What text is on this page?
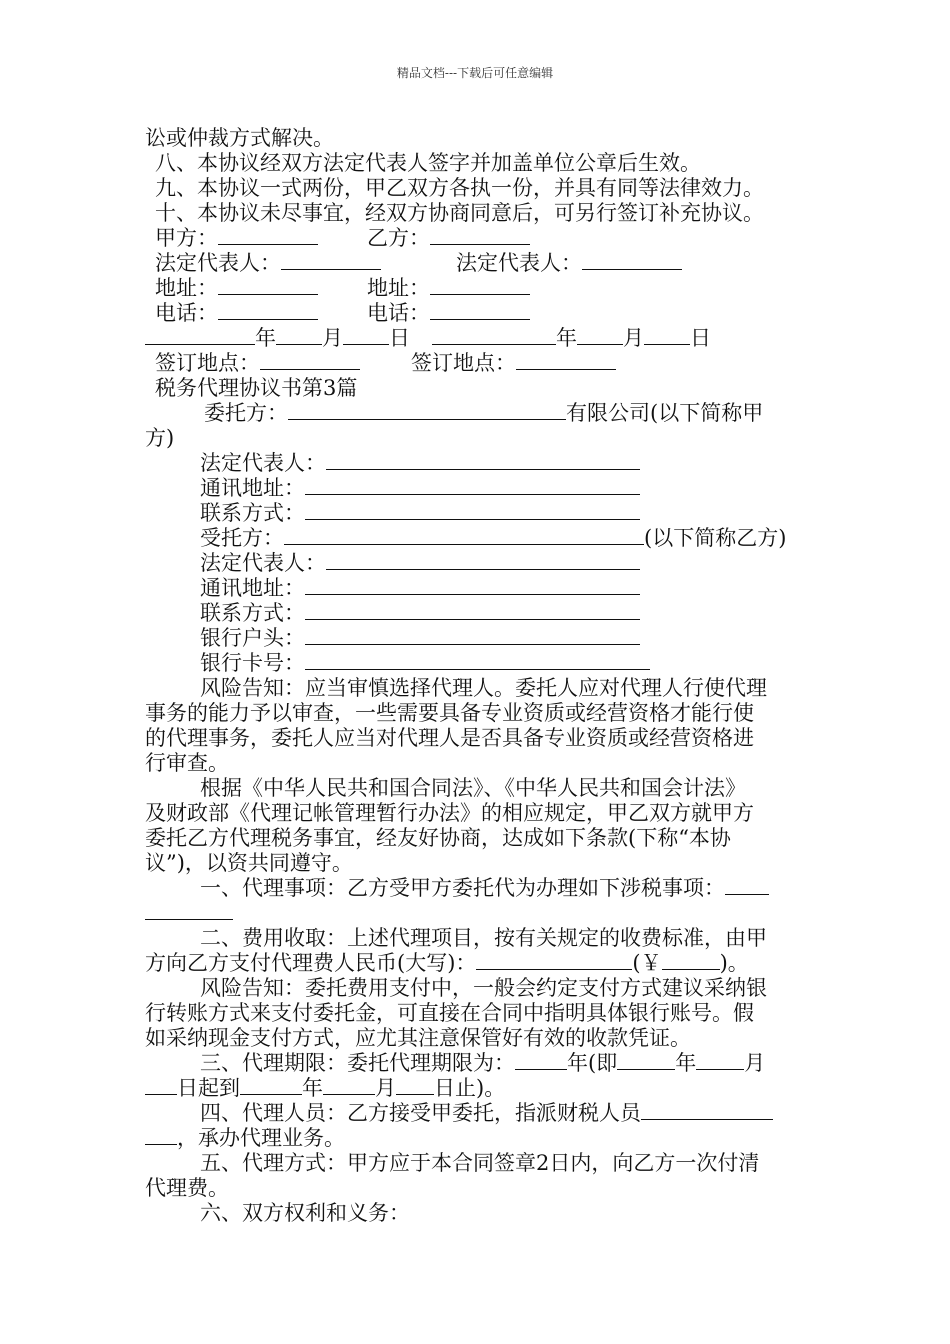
精品文档---下载后可任意编辑
讼或仲裁方式解决。
八、本协议经双方法定代表人签字并加盖单位公章后生效。
九、本协议一式两份，甲乙双方各执一份，并具有同等法律效力。
十、本协议未尽事宜，经双方协商同意后，可另行签订补充协议。
甲方：	乙方：
法定代表人：	法定代表人：
地址：	地址：
电话：	电话：
年 月 日	年 月 日
签订地点：	签订地点：
税务代理协议书第3篇
委托方：	有限公司(以下简称甲
方)
法定代表人：
通讯地址：
联系方式：
受托方：	(以下简称乙方)
法定代表人：
通讯地址：
联系方式：
银行户头：
银行卡号：
风险告知：应当审慎选择代理人。委托人应对代理人行使代理
事务的能力予以审查，一些需要具备专业资质或经营资格才能行使
的代理事务，委托人应当对代理人是否具备专业资质或经营资格进
行审查。
根据《中华人民共和国合同法》、《中华人民共和国会计法》
及财政部《代理记帐管理暂行办法》的相应规定，甲乙双方就甲方
委托乙方代理税务事宜，经友好协商，达成如下条款(下称“本协
议”)，以资共同遵守。
一、代理事项：乙方受甲方委托代为办理如下涉税事项：
二、费用收取：上述代理项目，按有关规定的收费标准，由甲
方向乙方支付代理费人民币(大写)：	(￥	)。
风险告知：委托费用支付中，一般会约定支付方式建议采纳银
行转账方式来支付委托金，可直接在合同中指明具体银行账号。假
如采纳现金支付方式，应尤其注意保管好有效的收款凭证。
三、代理期限：委托代理期限为： 年(即	年 月
日起到	年 月 日止)。
四、代理人员：乙方接受甲委托，指派财税人员
，承办代理业务。
五、代理方式：甲方应于本合同签章2日内，向乙方一次付清
代理费。
六、双方权利和义务：
